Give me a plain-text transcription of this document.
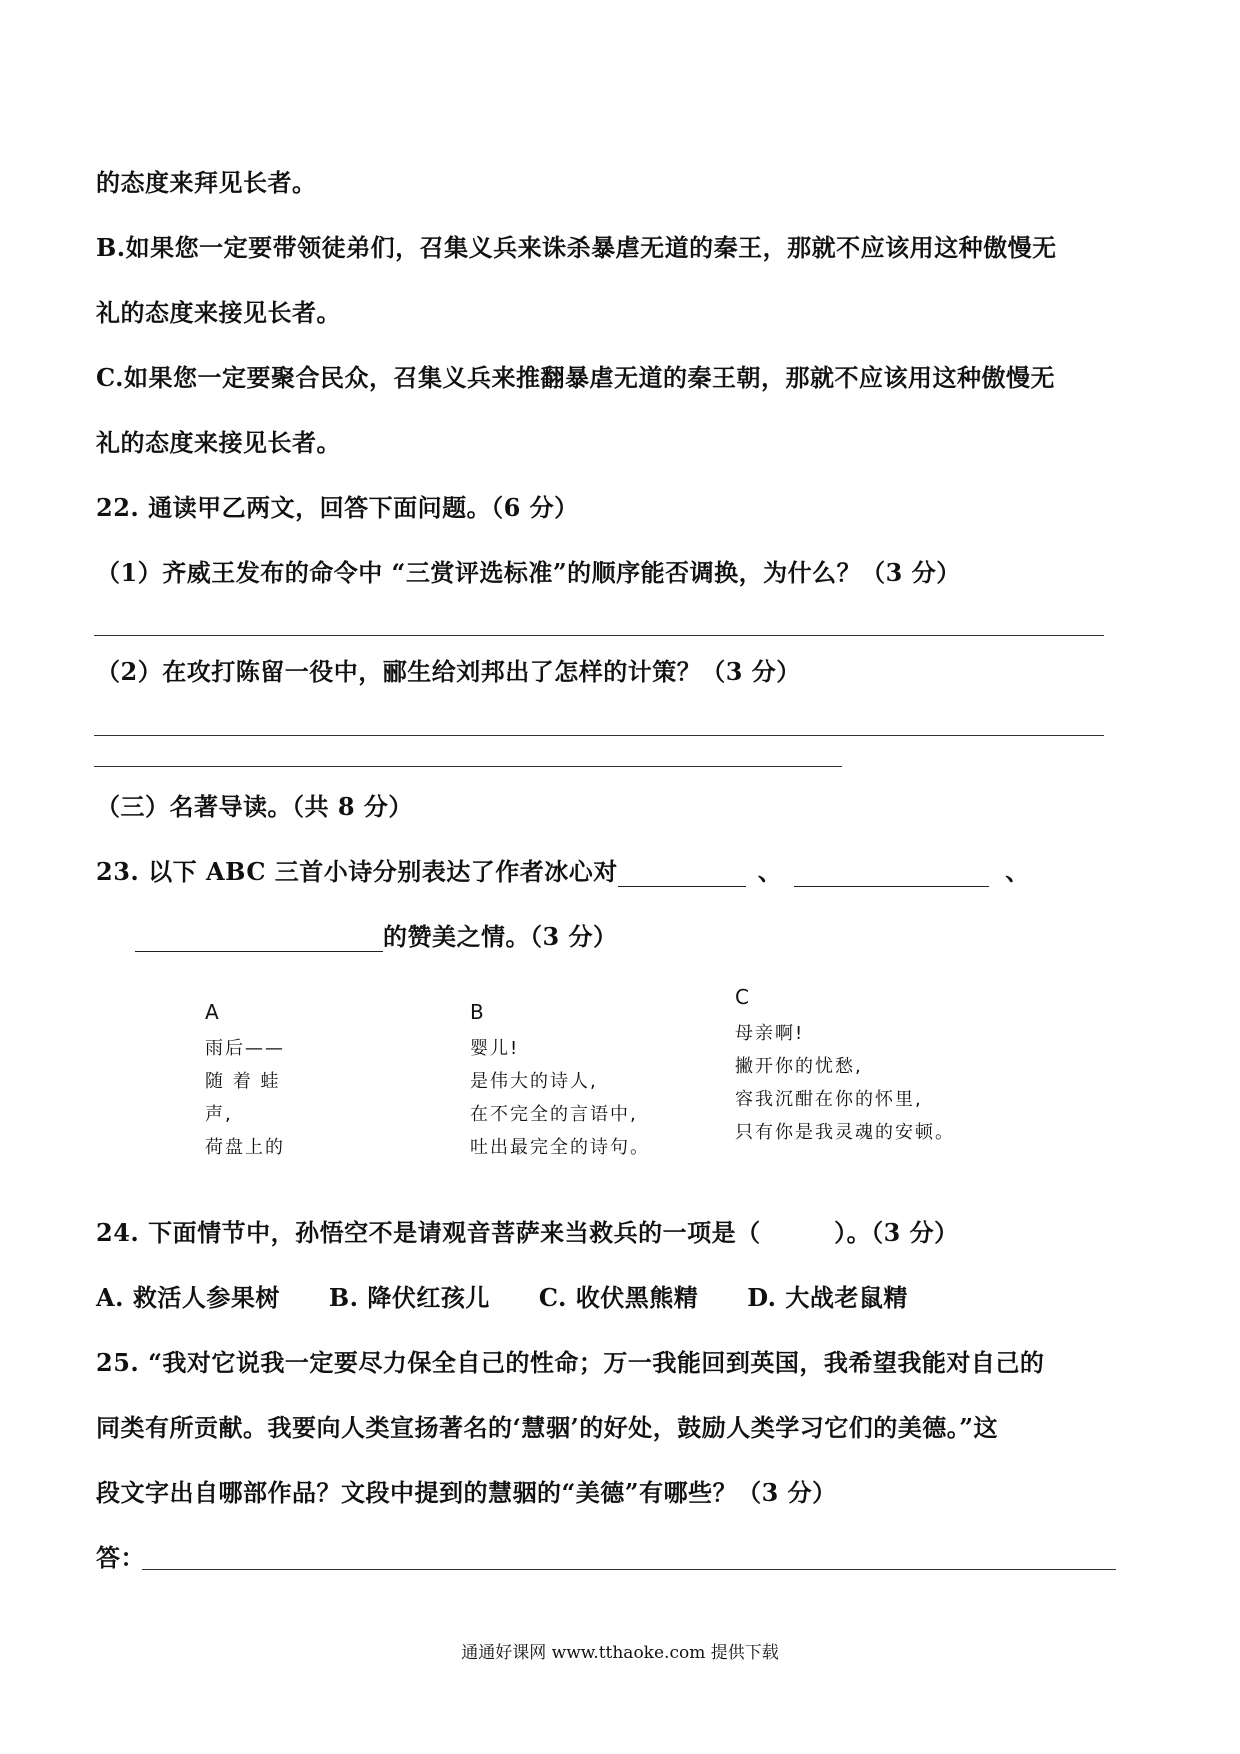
的态度来拜见长者。
B.如果您一定要带领徒弟们，召集义兵来诛杀暴虐无道的秦王，那就不应该用这种傲慢无
礼的态度来接见长者。
C.如果您一定要聚合民众，召集义兵来推翻暴虐无道的秦王朝，那就不应该用这种傲慢无
礼的态度来接见长者。
22. 通读甲乙两文，回答下面问题。（6 分）
（1）齐威王发布的命令中 “三赏评选标准”的顺序能否调换，为什么？（3 分）
（2）在攻打陈留一役中，郦生给刘邦出了怎样的计策？（3 分）
（三）名著导读。（共 8 分）
23. 以下 ABC 三首小诗分别表达了作者冰心对	、	、
的赞美之情。（3 分）
A
雨后——
随 着 蛙
声,
荷盘上的
B
婴儿!
是伟大的诗人,
在不完全的言语中,
吐出最完全的诗句。
C
母亲啊!
撇开你的忧愁,
容我沉酣在你的怀里,
只有你是我灵魂的安顿。
24. 下面情节中，孙悟空不是请观音菩萨来当救兵的一项是（　　　）。（3 分）
A. 救活人参果树　　B. 降伏红孩儿　　C. 收伏黑熊精　　D. 大战老鼠精
25. “我对它说我一定要尽力保全自己的性命；万一我能回到英国，我希望我能对自己的
同类有所贡献。我要向人类宣扬著名的‘慧骃’的好处，鼓励人类学习它们的美德。”这
段文字出自哪部作品？文段中提到的慧骃的“美德”有哪些？（3 分）
答：
通通好课网 www.tthaoke.com 提供下载
